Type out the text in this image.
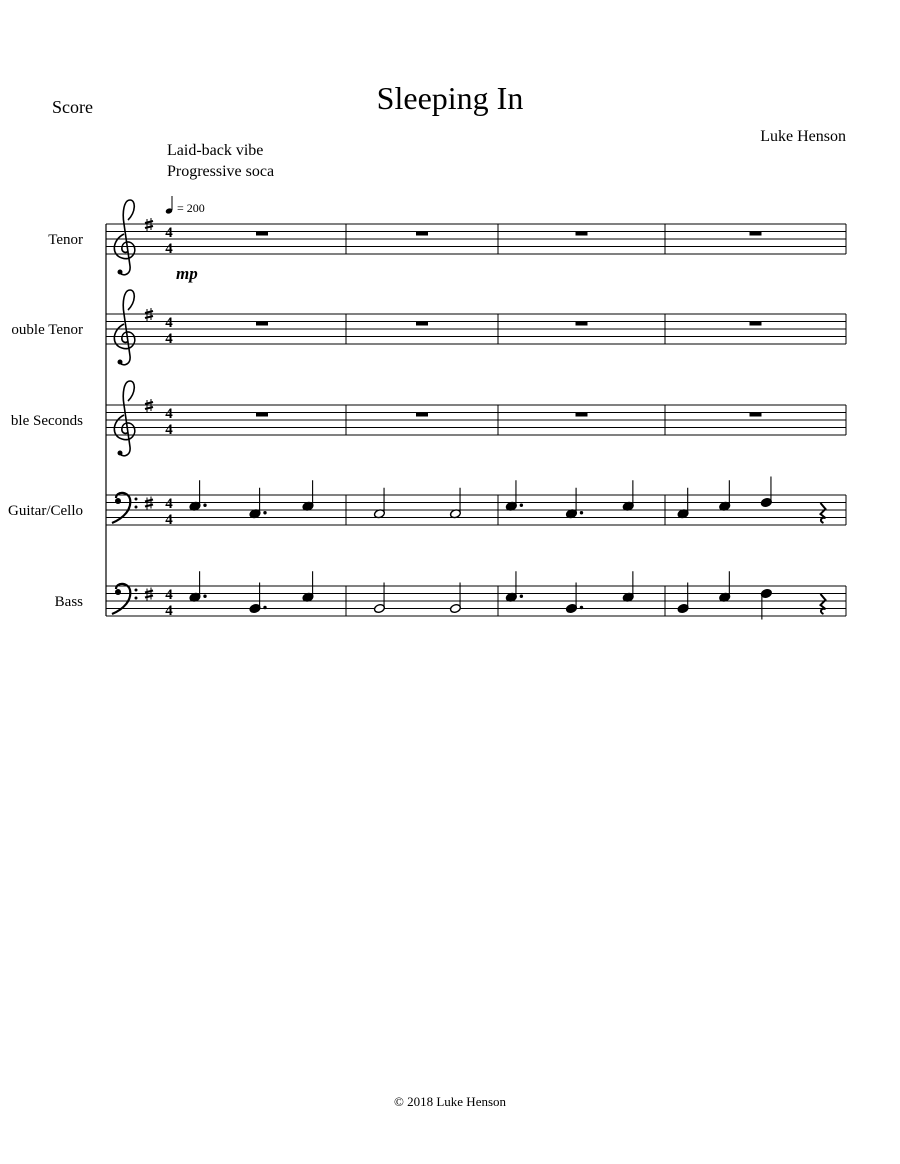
Score	Sleeping In
Luke Henson
Laid-back vibe
Progressive soca
Tenor	4
4
ouble Tenor	4
4
ble Seconds	4
4
Guitar/Cello	4
4
Bass	4
4
= 200
mp
© 2018 Luke Henson
